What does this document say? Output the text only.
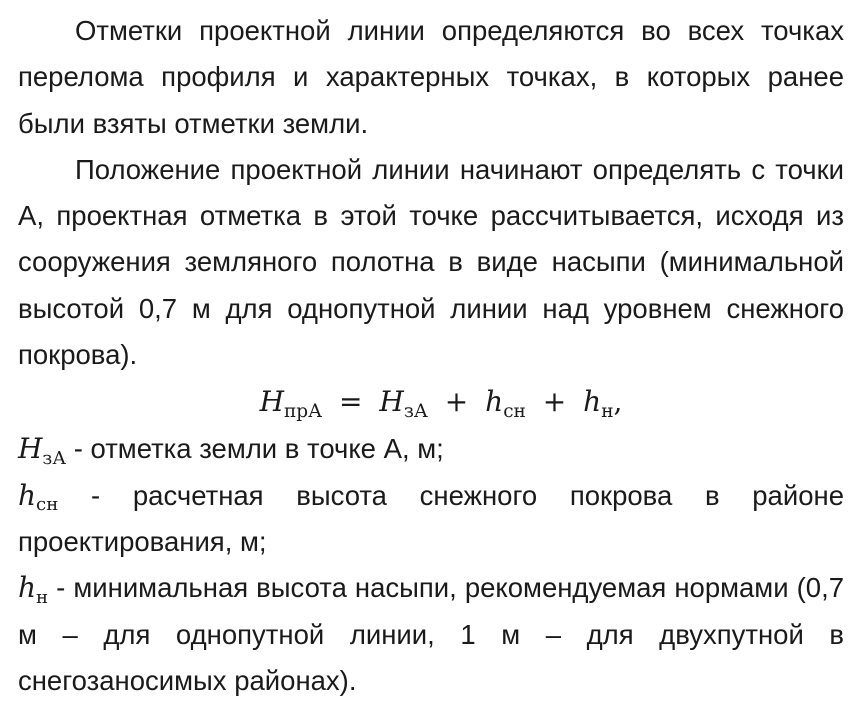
Отметки проектной линии определяются во всех точках перелома профиля и характерных точках, в которых ранее были взяты отметки земли.

Положение проектной линии начинают определять с точки А, проектная отметка в этой точке рассчитывается, исходя из сооружения земляного полотна в виде насыпи (минимальной высотой 0,7 м для однопутной линии над уровнем снежного покрова).

$H_{прА} = H_{зА} + h_{сн} + h_н$,

$H_{зА}$ - отметка земли в точке А, м;

$h_{сн}$ - расчетная высота снежного покрова в районе проектирования, м;

$h_н$ - минимальная высота насыпи, рекомендуемая нормами (0,7 м – для однопутной линии, 1 м – для двухпутной в снегозаносимых районах).
